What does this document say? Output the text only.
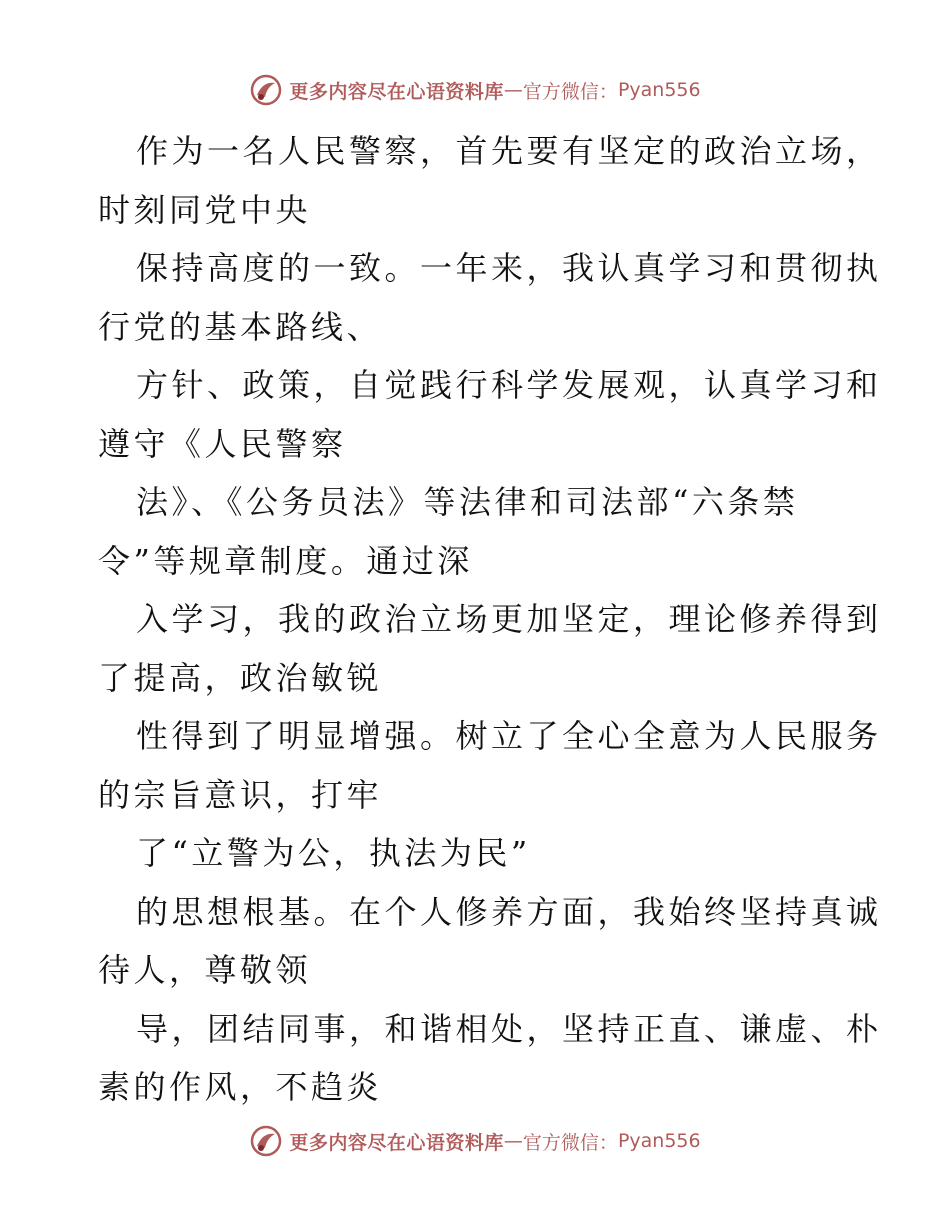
更多内容尽在心语资料库 — 官方微信： Pyan556
作为一名人民警察，首先要有坚定的政治立场，
时刻同党中央
保持高度的一致。一年来，我认真学习和贯彻执
行党的基本路线、
方针、政策，自觉践行科学发展观，认真学习和
遵守《人民警察
法》、《公务员法》等法律和司法部“六条禁
令”等规章制度。通过深
入学习，我的政治立场更加坚定，理论修养得到
了提高，政治敏锐
性得到了明显增强。树立了全心全意为人民服务
的宗旨意识，打牢
了“立警为公，执法为民”
的思想根基。在个人修养方面，我始终坚持真诚
待人，尊敬领
导，团结同事，和谐相处，坚持正直、谦虚、朴
素的作风，不趋炎
更多内容尽在心语资料库 — 官方微信： Pyan556
